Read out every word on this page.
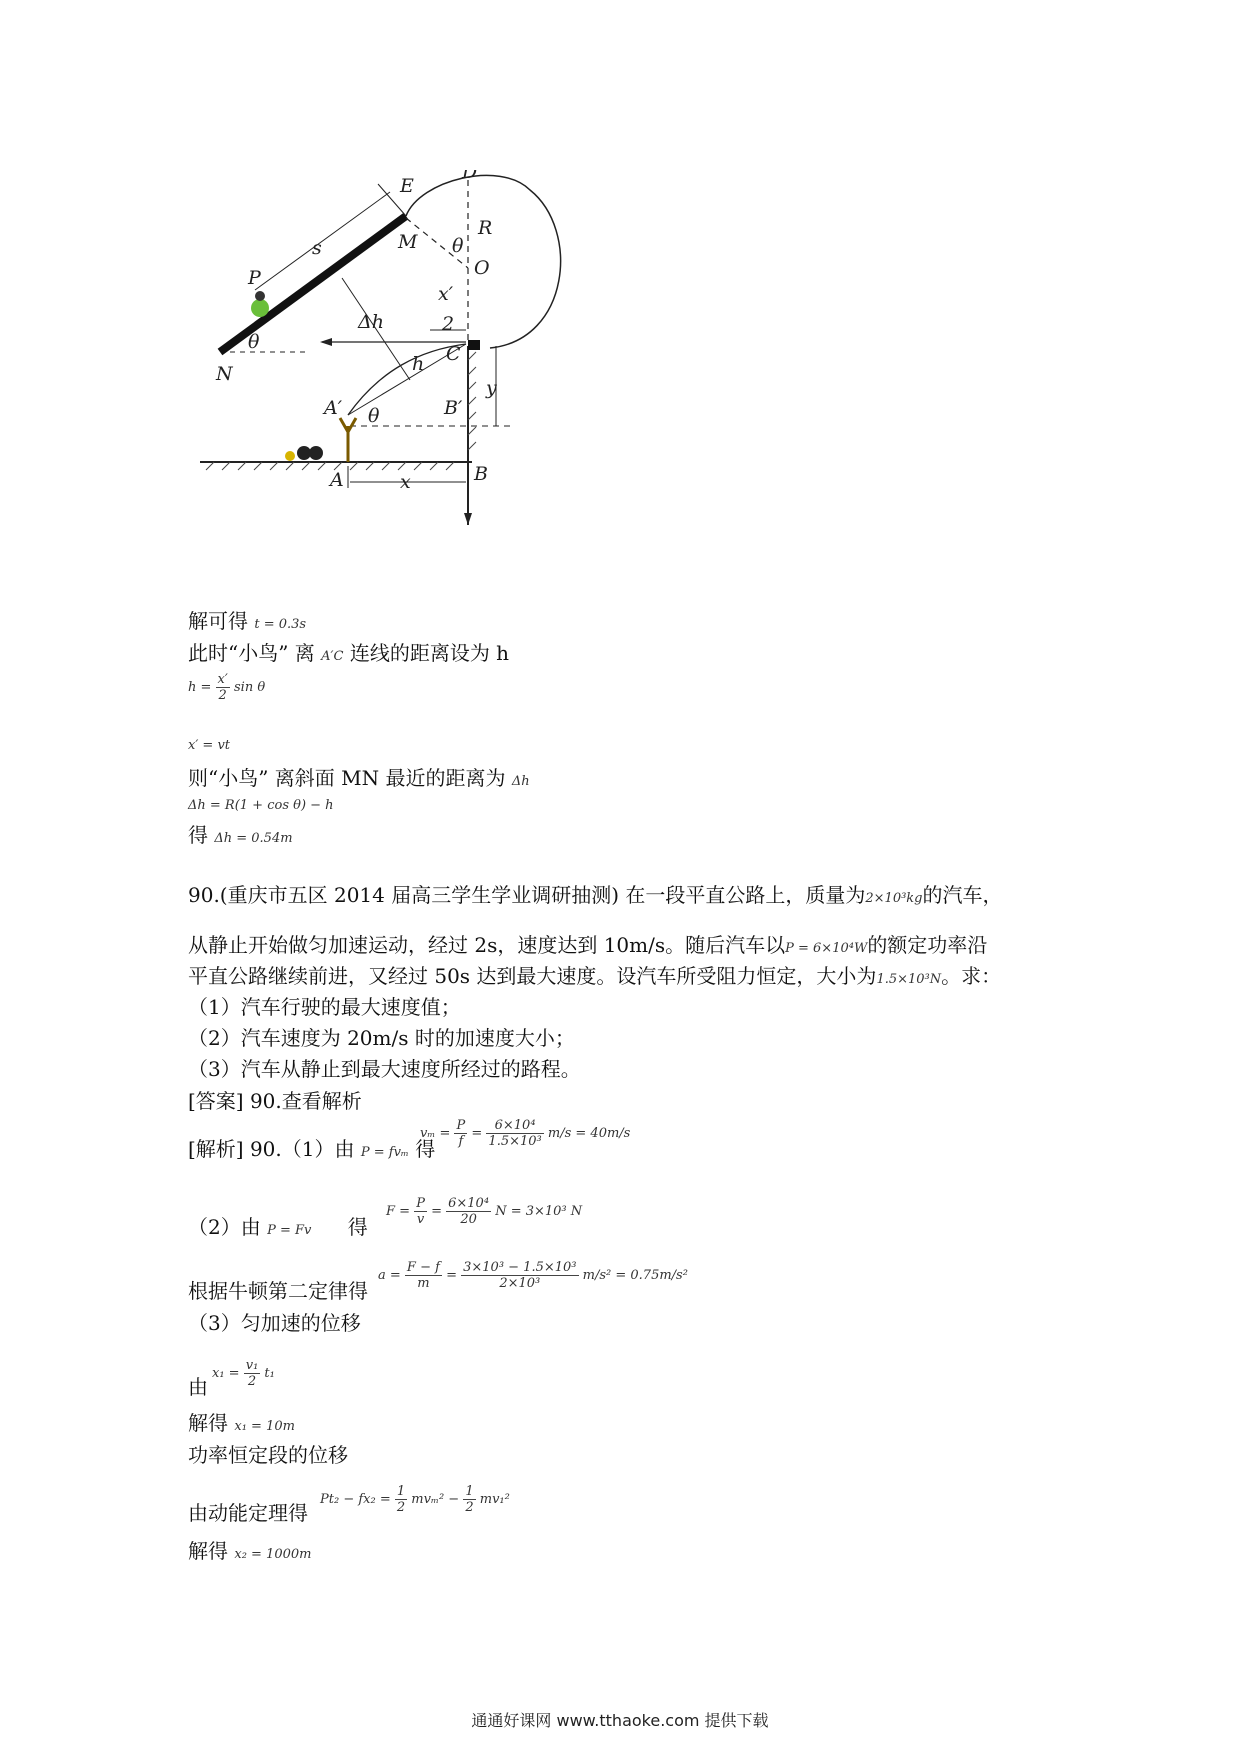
E
D
R
M θ
O
P
s
x′
2
Δh
θ
N
C
h
A′ θ	B′
y
A	B
x
解可得 t = 0.3s
此时“小鸟” 离 A′C 连线的距离设为 h
$h = \frac{x'}{2}$ sin θ
x′ = vt
则“小鸟” 离斜面 MN 最近的距离为 Δh
Δh = R(1 + cos θ) − h
得 Δh = 0.54m
90.(重庆市五区 2014 届高三学生学业调研抽测) 在一段平直公路上，质量为2×10³kg的汽车，
从静止开始做匀加速运动，经过 2s，速度达到 10m/s。随后汽车以P = 6×10⁴W的额定功率沿
平直公路继续前进，又经过 50s 达到最大速度。设汽车所受阻力恒定，大小为1.5×10³N。求：
（1）汽车行驶的最大速度值；
（2）汽车速度为 20m/s 时的加速度大小；
（3）汽车从静止到最大速度所经过的路程。
[答案] 90.查看解析
[解析] 90.（1）由 P = fvₘ 得
$v_m = \frac{P}{f} = \frac{\text{6×10⁴}}{\text{1.5×10³}} m/s = 40m/s$
（2）由 P = Fv 得
$F = \frac{P}{v} = \frac{\text{6×10⁴}}{20}$ N = 3×10³ N
根据牛顿第二定律得
$a = \frac{F - f}{m} = \frac{\text{3×10³ − 1.5×10³}}{\text{2×10³}} m/s^2 = 0.75m/s^2$
（3）匀加速的位移
由
$x_1 = \frac{\text{v₁}}{2} t_1$
解得 x₁ = 10m
功率恒定段的位移
由动能定理得
$Pt_2 - fx_2 = \frac{1}{2} mv_m^2 - \frac{1}{2} mv_1^2$
解得 x₂ = 1000m
通通好课网 www.tthaoke.com 提供下载
